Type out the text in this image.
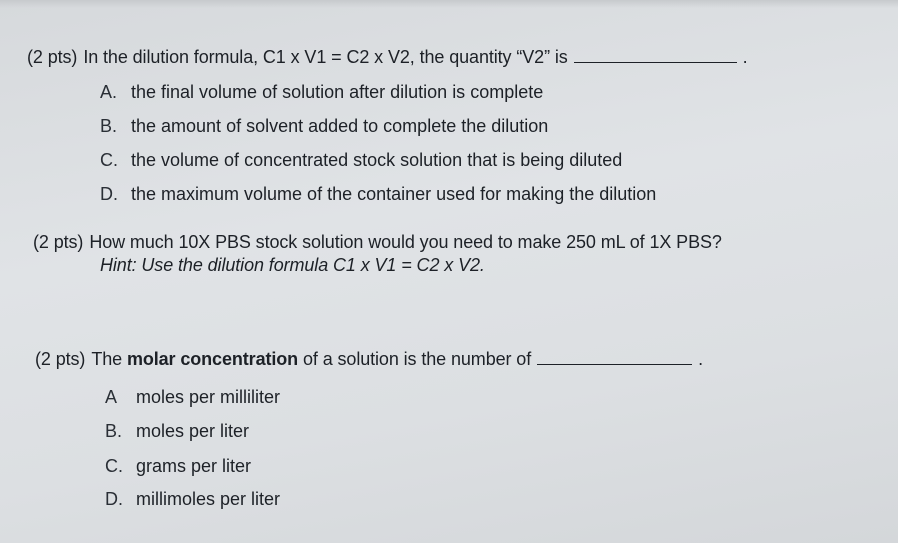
(2 pts) In the dilution formula, C1 x V1 = C2 x V2, the quantity “V2” is	.
A. the final volume of solution after dilution is complete
B. the amount of solvent added to complete the dilution
C. the volume of concentrated stock solution that is being diluted
D. the maximum volume of the container used for making the dilution
(2 pts) How much 10X PBS stock solution would you need to make 250 mL of 1X PBS?
Hint: Use the dilution formula C1 x V1 = C2 x V2.
(2 pts) The molar concentration of a solution is the number of	.
A moles per milliliter
B. moles per liter
C. grams per liter
D. millimoles per liter
